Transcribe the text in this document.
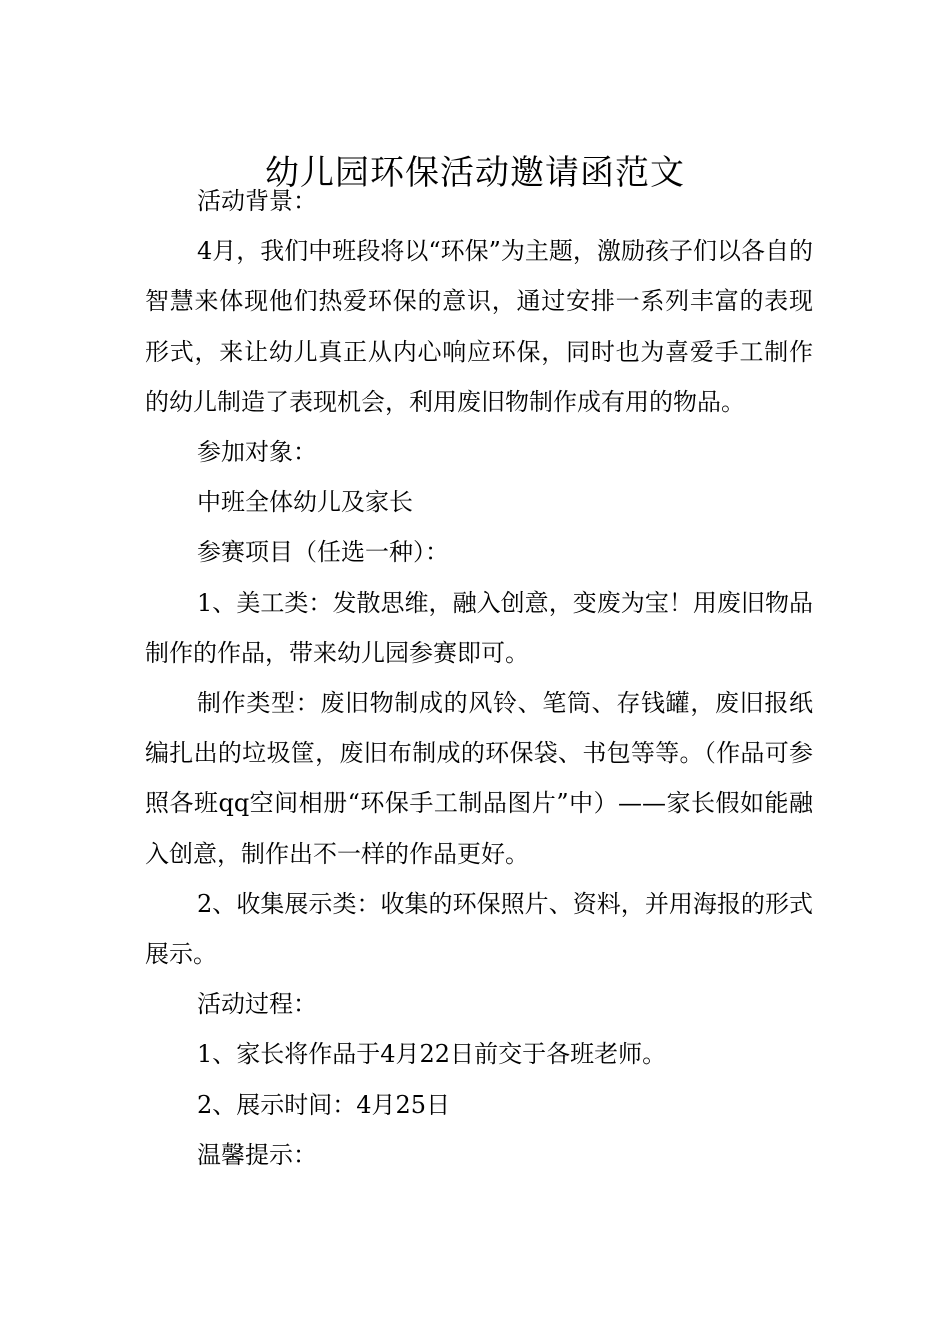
幼儿园环保活动邀请函范文

活动背景：

4月，我们中班段将以“环保”为主题，激励孩子们以各自的智慧来体现他们热爱环保的意识，通过安排一系列丰富的表现形式，来让幼儿真正从内心响应环保，同时也为喜爱手工制作的幼儿制造了表现机会，利用废旧物制作成有用的物品。

参加对象：

中班全体幼儿及家长

参赛项目（任选一种）：

1、美工类：发散思维，融入创意，变废为宝！用废旧物品制作的作品，带来幼儿园参赛即可。

制作类型：废旧物制成的风铃、笔筒、存钱罐，废旧报纸编扎出的垃圾筐，废旧布制成的环保袋、书包等等。（作品可参照各班qq空间相册“环保手工制品图片”中）——家长假如能融入创意，制作出不一样的作品更好。

2、收集展示类：收集的环保照片、资料，并用海报的形式展示。

活动过程：

1、家长将作品于4月22日前交于各班老师。

2、展示时间：4月25日

温馨提示：
